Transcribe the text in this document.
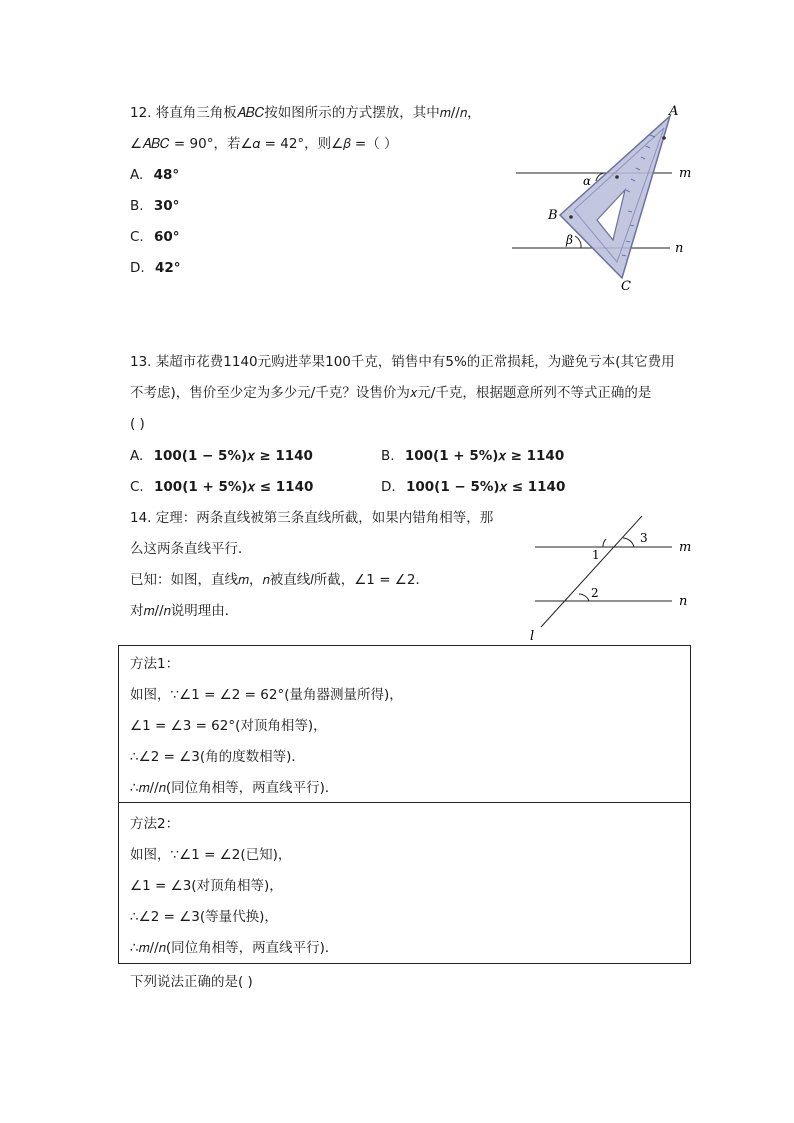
12. 将直角三角板𝐴𝐵𝐶按如图所示的方式摆放，其中𝑚//𝑛，
∠𝐴𝐵𝐶 = 90°，若∠𝛼 = 42°，则∠𝛽 =（ ）
A. 48°
B. 30°
C. 60°
D. 42°
A
B
C
m
n
α
β
13. 某超市花费1140元购进苹果100千克，销售中有5%的正常损耗，为避免亏本(其它费用
不考虑)，售价至少定为多少元/千克？设售价为𝑥元/千克，根据题意所列不等式正确的是
( )
A. 100(1 − 5%)𝑥 ≥ 1140	B. 100(1 + 5%)𝑥 ≥ 1140
C. 100(1 + 5%)𝑥 ≤ 1140	D. 100(1 − 5%)𝑥 ≤ 1140
14. 定理：两条直线被第三条直线所截，如果内错角相等，那
么这两条直线平行．
已知：如图，直线𝑚，𝑛被直线𝑙所截，∠1 = ∠2．
对𝑚//𝑛说明理由．
1
3
2
m
n
l
方法1：
如图，∵∠1 = ∠2 = 62°(量角器测量所得)，
∠1 = ∠3 = 62°(对顶角相等)，
∴∠2 = ∠3(角的度数相等)．
∴𝑚//𝑛(同位角相等，两直线平行)．
方法2：
如图，∵∠1 = ∠2(已知)，
∠1 = ∠3(对顶角相等)，
∴∠2 = ∠3(等量代换)，
∴𝑚//𝑛(同位角相等，两直线平行)．
下列说法正确的是( )
